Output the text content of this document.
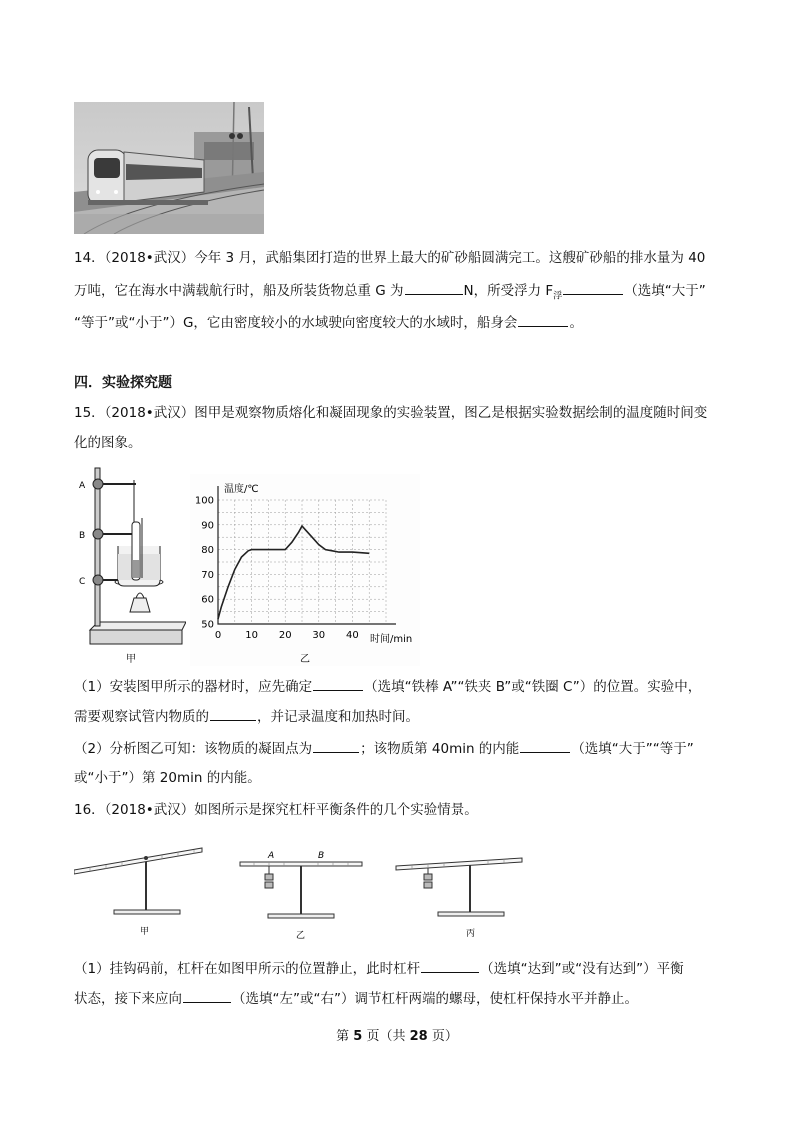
14．（2018•武汉）今年 3 月，武船集团打造的世界上最大的矿砂船圆满完工。这艘矿砂船的排水量为 40
万吨，它在海水中满载航行时，船及所装货物总重 G 为	N，所受浮力 $F_浮$	（选填“大于”
“等于”或“小于”）G，它由密度较小的水域驶向密度较大的水域时，船身会	。
四．实验探究题
15．（2018•武汉）图甲是观察物质熔化和凝固现象的实验装置，图乙是根据实验数据绘制的温度随时间变
化的图象。
A
B
C
甲
0 10 20 30 40
50
60
70
80
90
100
温度/℃
时间/min
乙
（1）安装图甲所示的器材时，应先确定	（选填“铁棒 A”“铁夹 B”或“铁圈 C”）的位置。实验中，
需要观察试管内物质的	，并记录温度和加热时间。
（2）分析图乙可知：该物质的凝固点为	；该物质第 40min 的内能	（选填“大于”“等于”
或“小于”）第 20min 的内能。
16．（2018•武汉）如图所示是探究杠杆平衡条件的几个实验情景。
甲
A	B
乙	丙
（1）挂钩码前，杠杆在如图甲所示的位置静止，此时杠杆	（选填“达到”或“没有达到”）平衡
状态，接下来应向	（选填“左”或“右”）调节杠杆两端的螺母，使杠杆保持水平并静止。
第 5 页（共 28 页）
